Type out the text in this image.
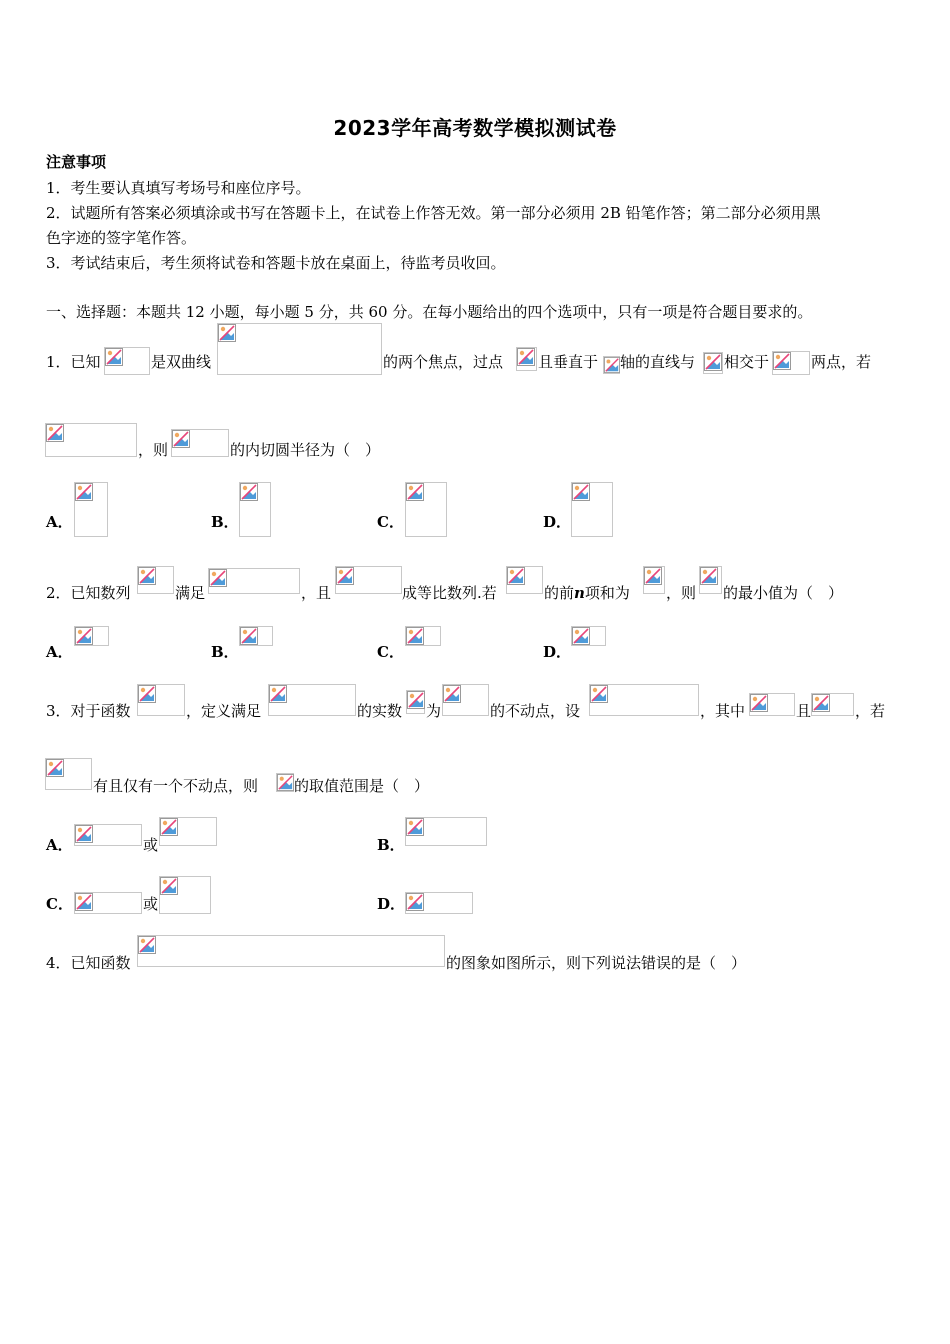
2023学年高考数学模拟测试卷
注意事项
1．考生要认真填写考场号和座位序号。
2．试题所有答案必须填涂或书写在答题卡上，在试卷上作答无效。第一部分必须用 2B 铅笔作答；第二部分必须用黑
色字迹的签字笔作答。
3．考试结束后，考生须将试卷和答题卡放在桌面上，待监考员收回。
一、选择题：本题共 12 小题，每小题 5 分，共 60 分。在每小题给出的四个选项中，只有一项是符合题目要求的。
1．已知	是双曲线	的两个焦点，过点 且垂直于 轴的直线与 相交于	两点，若
，则	的内切圆半径为（　）
A．	B．	C．	D．
2．已知数列	满足	，且	成等比数列.若	的前n项和为 ，则 的最小值为（　）
A．	B．	C．	D．
3．对于函数	，定义满足	的实数 为	的不动点，设	，其中	且	，若
有且仅有一个不动点，则 的取值范围是（　）
A．	或	B．
C．	或	D．
4．已知函数	的图象如图所示，则下列说法错误的是（　）
